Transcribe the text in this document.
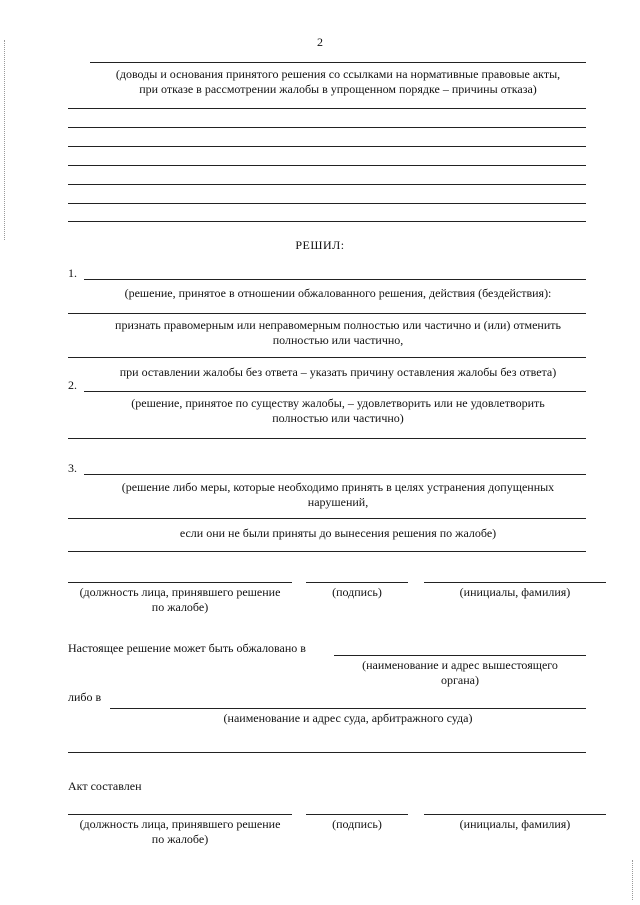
2
(доводы и основания принятого решения со ссылками на нормативные правовые акты,
при отказе в рассмотрении жалобы в упрощенном порядке – причины отказа)
РЕШИЛ:
1.
(решение, принятое в отношении обжалованного решения, действия (бездействия):
признать правомерным или неправомерным полностью или частично и (или) отменить
полностью или частично,
при оставлении жалобы без ответа – указать причину оставления жалобы без ответа)
2.
(решение, принятое по существу жалобы, – удовлетворить или не удовлетворить
полностью или частично)
3.
(решение либо меры, которые необходимо принять в целях устранения допущенных
нарушений,
если они не были приняты до вынесения решения по жалобе)
(должность лица, принявшего решение
по жалобе)
(подпись)	(инициалы, фамилия)
Настоящее решение может быть обжаловано в
(наименование и адрес вышестоящего
органа)
либо в
(наименование и адрес суда, арбитражного суда)
Акт составлен
(должность лица, принявшего решение
по жалобе)
(подпись)	(инициалы, фамилия)
